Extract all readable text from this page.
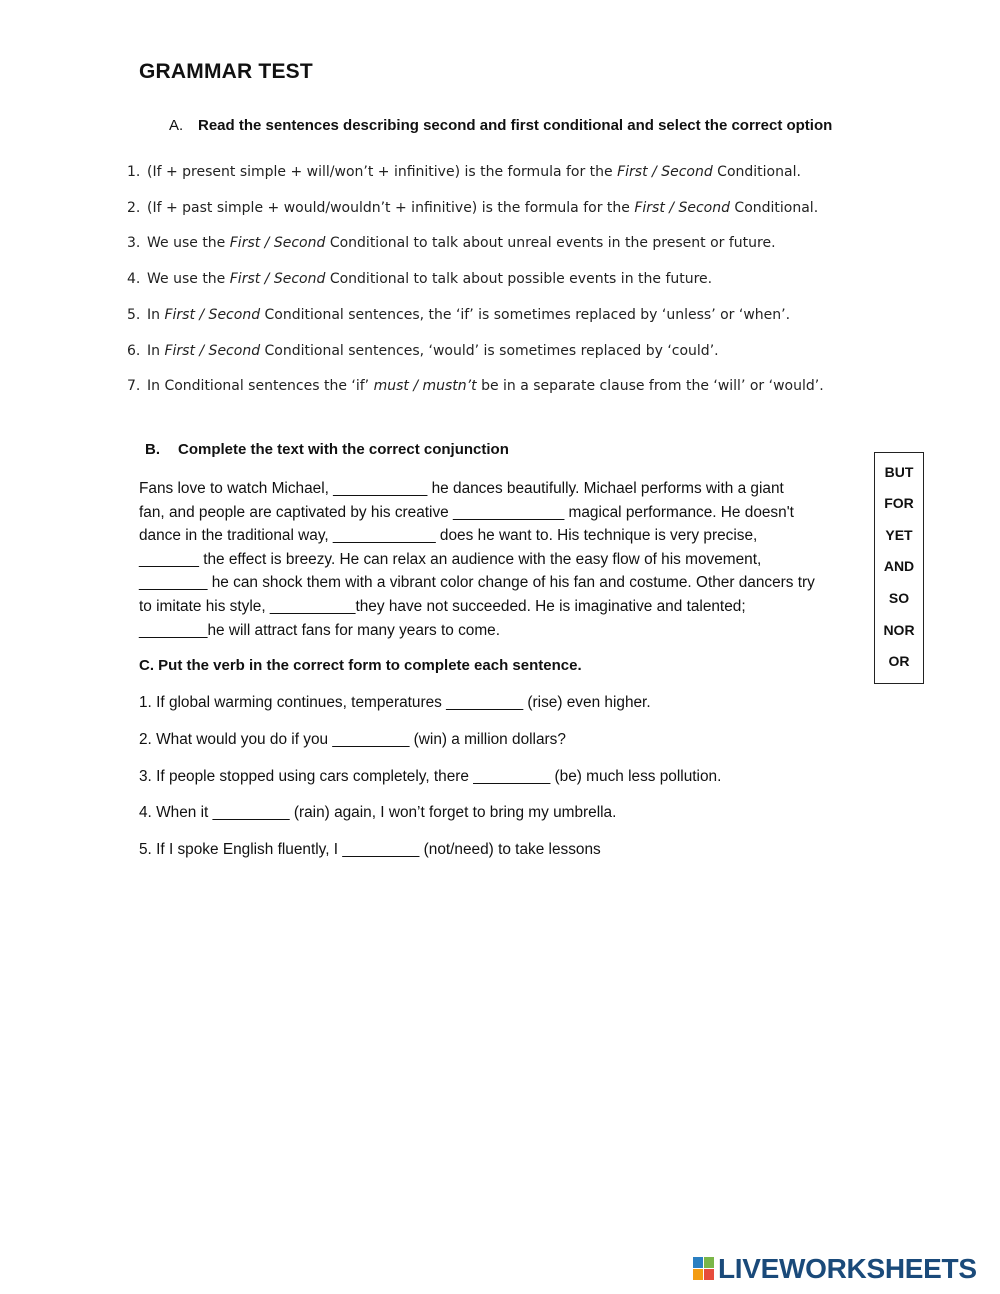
GRAMMAR TEST
A. Read the sentences describing second and first conditional and select the correct option
1. (If + present simple + will/won’t + infinitive) is the formula for the First / Second Conditional.
2. (If + past simple + would/wouldn’t + infinitive) is the formula for the First / Second Conditional.
3. We use the First / Second Conditional to talk about unreal events in the present or future.
4. We use the First / Second Conditional to talk about possible events in the future.
5. In First / Second Conditional sentences, the ‘if’ is sometimes replaced by ‘unless’ or ‘when’.
6. In First / Second Conditional sentences, ‘would’ is sometimes replaced by ‘could’.
7. In Conditional sentences the ‘if’ must / mustn’t be in a separate clause from the ‘will’ or ‘would’.
B. Complete the text with the correct conjunction

Fans love to watch Michael, ___________ he dances beautifully. Michael performs with a giant
fan, and people are captivated by his creative _____________ magical performance. He doesn't
dance in the traditional way, ____________ does he want to. His technique is very precise,
_______ the effect is breezy. He can relax an audience with the easy flow of his movement,
________ he can shock them with a vibrant color change of his fan and costume. Other dancers try
to imitate his style, __________they have not succeeded. He is imaginative and talented;
________he will attract fans for many years to come.

BUT
FOR
YET
AND
SO
NOR
OR
C. Put the verb in the correct form to complete each sentence.
1. If global warming continues, temperatures _________ (rise) even higher.
2. What would you do if you _________ (win) a million dollars?
3. If people stopped using cars completely, there _________ (be) much less pollution.
4. When it _________ (rain) again, I won’t forget to bring my umbrella.
5. If I spoke English fluently, I _________ (not/need) to take lessons
LIVEWORKSHEETS
